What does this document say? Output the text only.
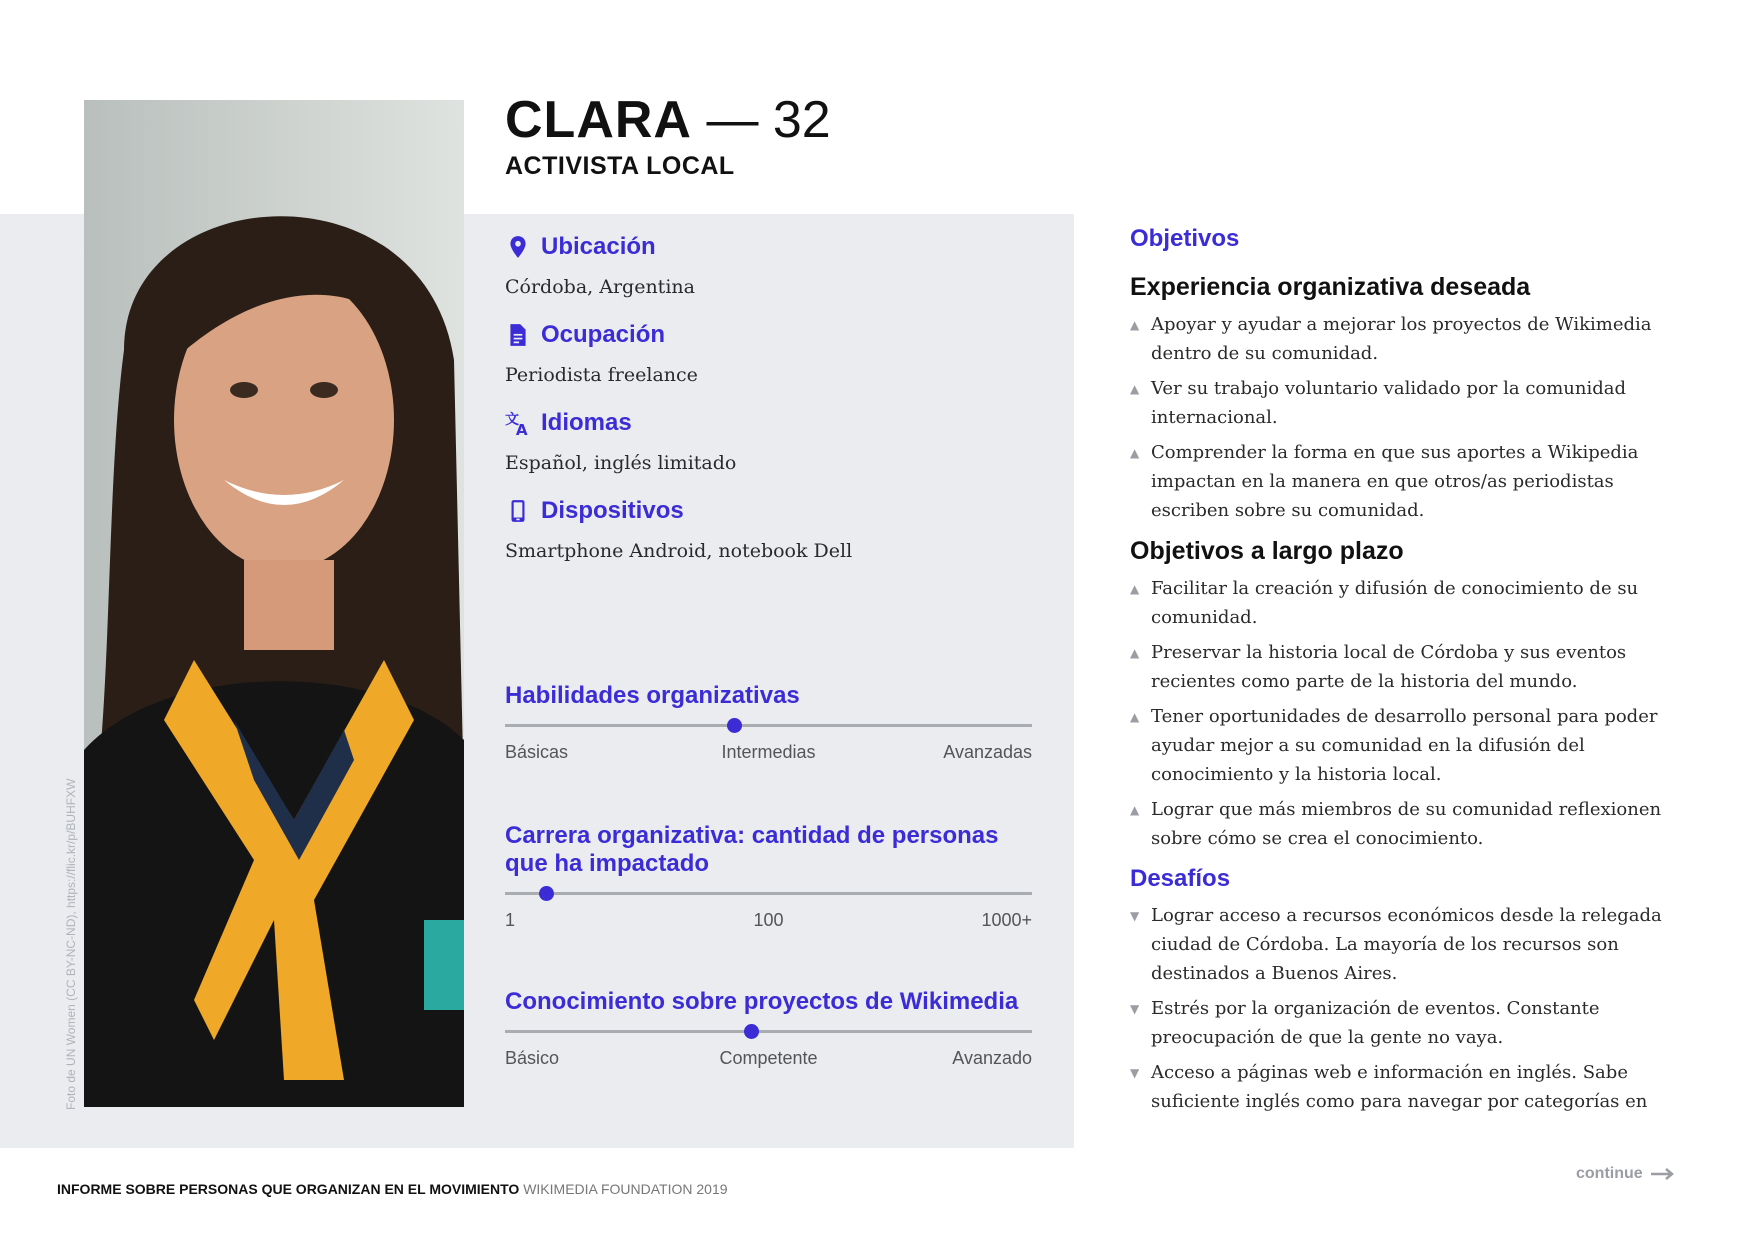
Foto de UN Women (CC BY-NC-ND), https://flic.kr/p/BUHFXW
CLARA — 32
ACTIVISTA LOCAL
Ubicación
Córdoba, Argentina
Ocupación
Periodista freelance
文
A Idiomas
Español, inglés limitado
Dispositivos
Smartphone Android, notebook Dell
Habilidades organizativas
Básicas	Intermedias	Avanzadas
Carrera organizativa: cantidad de personas que ha impactado
1	100	1000+
Conocimiento sobre proyectos de Wikimedia
Básico	Competente	Avanzado
Objetivos
Experiencia organizativa deseada
▲ Apoyar y ayudar a mejorar los proyectos de Wikimedia dentro de su comunidad.
▲ Ver su trabajo voluntario validado por la comunidad internacional.
▲ Comprender la forma en que sus aportes a Wikipedia impactan en la manera en que otros/as periodistas escriben sobre su comunidad.
Objetivos a largo plazo
▲ Facilitar la creación y difusión de conocimiento de su comunidad.
▲ Preservar la historia local de Córdoba y sus eventos recientes como parte de la historia del mundo.
▲ Tener oportunidades de desarrollo personal para poder ayudar mejor a su comunidad en la difusión del conocimiento y la historia local.
▲ Lograr que más miembros de su comunidad reflexionen sobre cómo se crea el conocimiento.
Desafíos
▼ Lograr acceso a recursos económicos desde la relegada ciudad de Córdoba. La mayoría de los recursos son destinados a Buenos Aires.
▼ Estrés por la organización de eventos. Constante preocupación de que la gente no vaya.
▼ Acceso a páginas web e información en inglés. Sabe suficiente inglés como para navegar por categorías en
continue
INFORME SOBRE PERSONAS QUE ORGANIZAN EN EL MOVIMIENTO WIKIMEDIA FOUNDATION 2019
